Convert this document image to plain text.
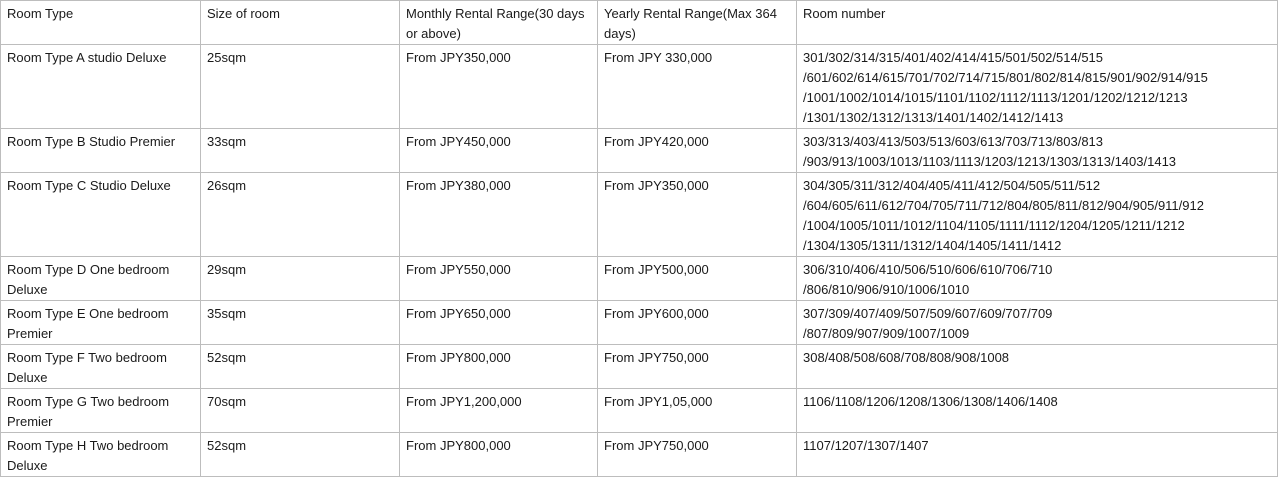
Room Type	Size of room	Monthly Rental Range(30 days or above)	Yearly Rental Range(Max 364 days)	Room number
Room Type A studio Deluxe	25sqm	From JPY350,000	From JPY 330,000	301/302/314/315/401/402/414/415/501/502/514/515
/601/602/614/615/701/702/714/715/801/802/814/815/901/902/914/915
/1001/1002/1014/1015/1101/1102/1112/1113/1201/1202/1212/1213
/1301/1302/1312/1313/1401/1402/1412/1413

Room Type B Studio Premier	33sqm	From JPY450,000	From JPY420,000	303/313/403/413/503/513/603/613/703/713/803/813
/903/913/1003/1013/1103/1113/1203/1213/1303/1313/1403/1413

Room Type C Studio Deluxe	26sqm	From JPY380,000	From JPY350,000	304/305/311/312/404/405/411/412/504/505/511/512
/604/605/611/612/704/705/711/712/804/805/811/812/904/905/911/912
/1004/1005/1011/1012/1104/1105/1111/1112/1204/1205/1211/1212
/1304/1305/1311/1312/1404/1405/1411/1412

Room Type D One bedroom Deluxe	29sqm	From JPY550,000	From JPY500,000	306/310/406/410/506/510/606/610/706/710
/806/810/906/910/1006/1010

Room Type E One bedroom Premier	35sqm	From JPY650,000	From JPY600,000	307/309/407/409/507/509/607/609/707/709
/807/809/907/909/1007/1009

Room Type F Two bedroom Deluxe	52sqm	From JPY800,000	From JPY750,000	308/408/508/608/708/808/908/1008

Room Type G Two bedroom Premier	70sqm	From JPY1,200,000	From JPY1,05,000	1106/1108/1206/1208/1306/1308/1406/1408

Room Type H Two bedroom Deluxe	52sqm	From JPY800,000	From JPY750,000	1107/1207/1307/1407
